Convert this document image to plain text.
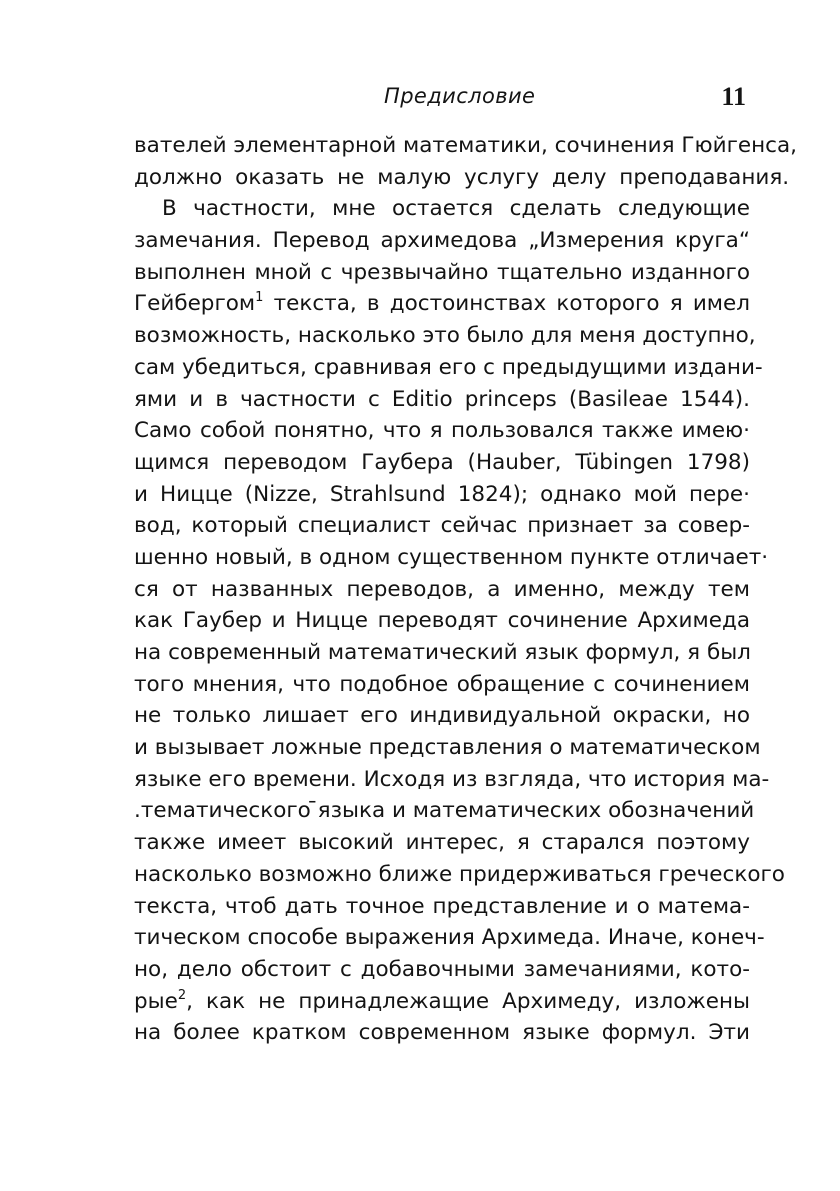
Предисловие	11
вателей элементарной математики, сочинения Гюйгенса,
должно оказать не малую услугу делу преподавания.
В частности, мне остается сделать следующие
замечания. Перевод архимедова „Измерения круга“
выполнен мной с чрезвычайно тщательно изданного
Гейбергом$^1$ текста, в достоинствах которого я имел
возможность, насколько это было для меня доступно,
сам убедиться, сравнивая его с предыдущими издани-
ями и в частности с Editio princeps (Basileae 1544).
Само собой понятно, что я пользовался также имею·
щимся переводом Гаубера (Hauber, Tübingen 1798)
и Ницце (Nizze, Strahlsund 1824); однако мой пере·
вод, который специалист сейчас признает за совер-
шенно новый, в одном существенном пункте отличает·
ся от названных переводов, а именно, между тем
как Гаубер и Ницце переводят сочинение Архимеда
на современный математический язык формул, я был
того мнения, что подобное обращение с сочинением
не только лишает его индивидуальной окраски, но
и вызывает ложные представления о математическом
языке его времени. Исходя из взгляда, что история ма-
.тематического ̄языка и математических обозначений
также имеет высокий интерес, я старался поэтому
насколько возможно ближе придерживаться греческого
текста, чтоб дать точное представление и о матема-
тическом способе выражения Архимеда. Иначе, конеч-
но, дело обстоит с добавочными замечаниями, кото-
рые$^2$, как не принадлежащие Архимеду, изложены
на более кратком современном языке формул. Эти
